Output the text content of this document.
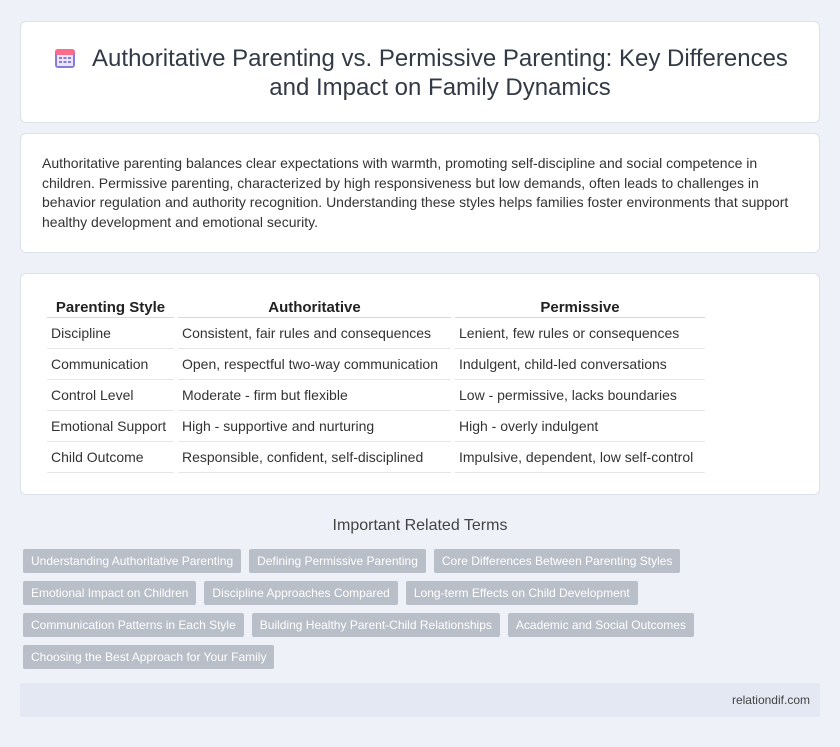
Authoritative Parenting vs. Permissive Parenting: Key Differences and Impact on Family Dynamics

Authoritative parenting balances clear expectations with warmth, promoting self-discipline and social competence in children. Permissive parenting, characterized by high responsiveness but low demands, often leads to challenges in behavior regulation and authority recognition. Understanding these styles helps families foster environments that support healthy development and emotional security.

Parenting Style	Authoritative	Permissive
Discipline	Consistent, fair rules and consequences	Lenient, few rules or consequences
Communication	Open, respectful two-way communication	Indulgent, child-led conversations
Control Level	Moderate - firm but flexible	Low - permissive, lacks boundaries
Emotional Support	High - supportive and nurturing	High - overly indulgent
Child Outcome	Responsible, confident, self-disciplined	Impulsive, dependent, low self-control
Important Related Terms
Understanding Authoritative Parenting	Defining Permissive Parenting	Core Differences Between Parenting Styles
Emotional Impact on Children	Discipline Approaches Compared	Long-term Effects on Child Development
Communication Patterns in Each Style	Building Healthy Parent-Child Relationships	Academic and Social Outcomes
Choosing the Best Approach for Your Family
relationdif.com
